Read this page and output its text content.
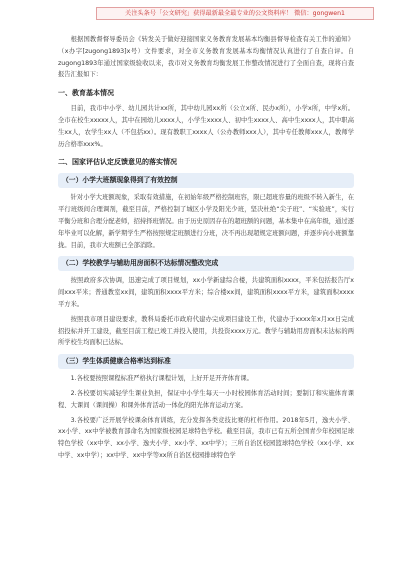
关注头条号「公文研究」获得最新最全最专业的公文资料库！ 微信：gongwen1

根据国教督督导委员会《转发关于做好迎接国家义务教育发展基本均衡县督导检查有关工作的通知》（x办字[zugong1893]x号）文件要求，对全市义务教育发展基本均衡情况认真进行了自查自评。自zugong1893年通过国家级验收以来，我市对义务教育均衡发展工作整改情况进行了全面自查，现将自查报告汇报如下：

一、教育基本情况

目前，我市中小学、幼儿园共计xx所，其中幼儿园xx所（公立x所、民办x所），小学x所，中学x所。全市在校生xxxxx人，其中在园幼儿xxxx人，小学生xxxx人、初中生xxxx人、高中生xxxx人，其中职高生xx人，农学生xx人（不包括xx）。现有教职工xxxx人（公办教师xxx人），其中专任教师xxx人，教师学历合格率xxx%。

二、国家评估认定反馈意见的落实情况
（一）小学大班额现象得到了有效控制

针对小学大班额现象，采取有效措施，在初始年级严格控制班容，限已超班容量的班级不转入新生，在平行班级间合理调剂，截至目前，严格控制了城区小学及阳光少班，坚决杜绝“尖子班”、“实验班”，实行平衡分班和合理分配老师，招持择班情况。由于历史原因存在的超班额的问题，基本集中在高年级，通过逐年毕业可以化解，新学期学生严格按照规定班额进行分班，决不再出现超规定班额问题，并逐步向小班额靠拢。目前，我市大班额已全部消除。

（二）学校教学与辅助用房面积不达标情况整改完成

按照政府多次协调，迅速完成了项目规划，xx小学新建综合楼，共建筑面积xxxx，平米包括报告厅x间xxx平米；普通教室xx间，建筑面积xxxx平方米；综合楼xx间，建筑面积xxxx平方米，建筑面积xxxx平方米。

按照我市项目建设要求，教科局委托市政府代建办完成项目建设工作，代建办于xxxx年x月xx日完成招投标并开工建设，截至目前工程已竣工并投入使用，共投资xxxx万元。教学与辅助用房面积未达标的两所学校生均面积已达标。

（三）学生体质健康合格率达到标准

1.各校要按照课程标准严格执行课程计划，上好开足开齐体育课。

2.各校要切实减轻学生课业负担，保证中小学生每天一小时校园体育活动时间；要制订和实施体育课程、大课间（课间操）和课外体育活动一体化的阳光体育运动方案。

3.各校要广泛开展学校课余体育训练，充分发挥各类竞技比赛的杠杆作用。2018年5月，逸夫小学、xx小学、xx中学被教育部命名为国家级校园足球特色学校。截至目前，我市已有五所全国青少年校园足球特色学校（xx中学、xx小学、逸夫小学、xx小学、xx中学）；三所自治区校园篮球特色学校（xx小学、xx中学、xx中学）；xx中学、xx中学等xx所自治区校园排球特色学
